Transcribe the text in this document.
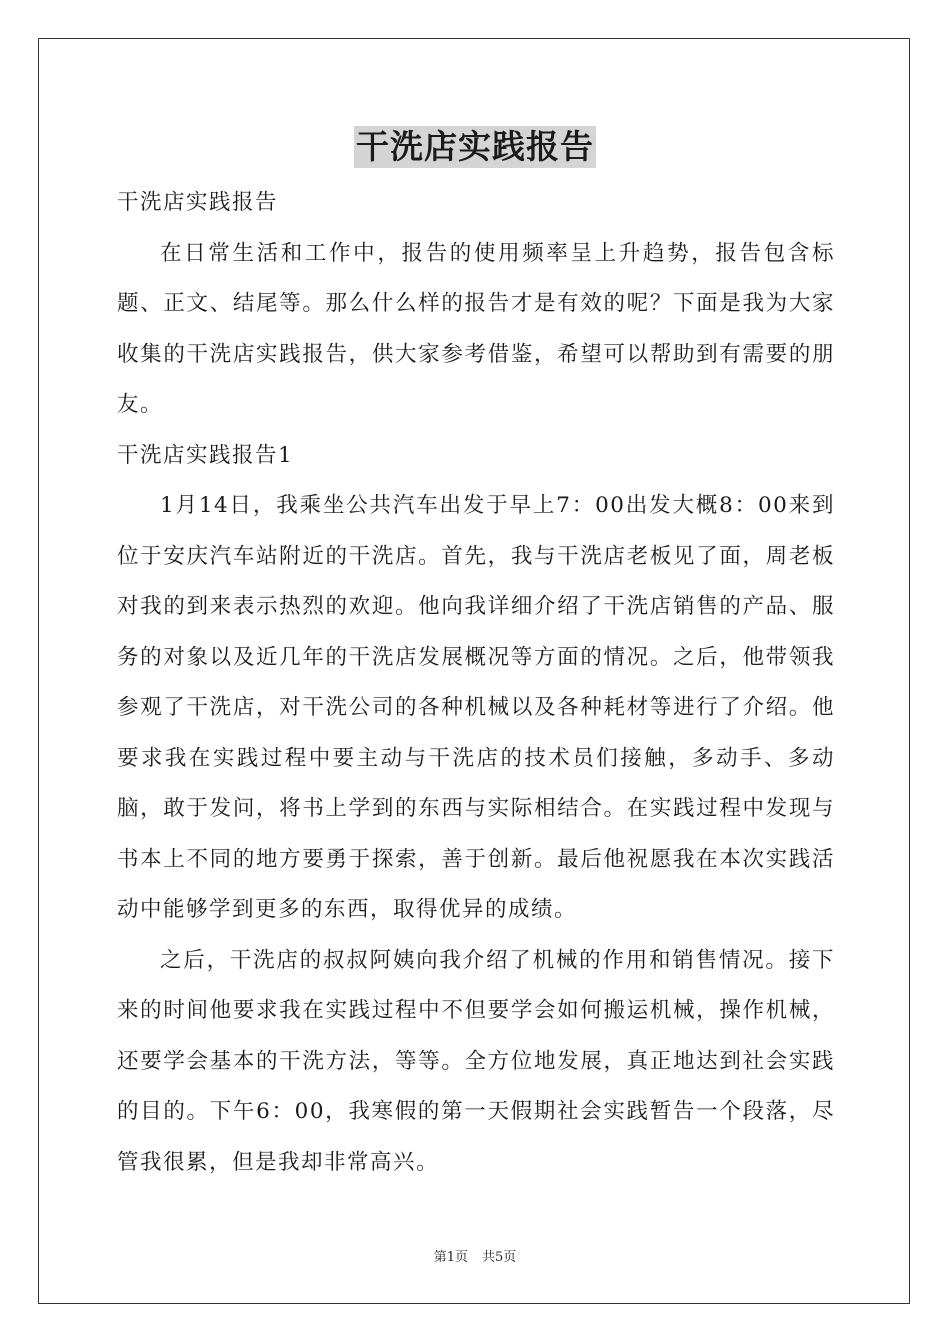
干洗店实践报告

干洗店实践报告

在日常生活和工作中，报告的使用频率呈上升趋势，报告包含标题、正文、结尾等。那么什么样的报告才是有效的呢？下面是我为大家收集的干洗店实践报告，供大家参考借鉴，希望可以帮助到有需要的朋友。

干洗店实践报告1

1月14日，我乘坐公共汽车出发于早上7：00出发大概8：00来到位于安庆汽车站附近的干洗店。首先，我与干洗店老板见了面，周老板对我的到来表示热烈的欢迎。他向我详细介绍了干洗店销售的产品、服务的对象以及近几年的干洗店发展概况等方面的情况。之后，他带领我参观了干洗店，对干洗公司的各种机械以及各种耗材等进行了介绍。他要求我在实践过程中要主动与干洗店的技术员们接触，多动手、多动脑，敢于发问，将书上学到的东西与实际相结合。在实践过程中发现与书本上不同的地方要勇于探索，善于创新。最后他祝愿我在本次实践活动中能够学到更多的东西，取得优异的成绩。

之后，干洗店的叔叔阿姨向我介绍了机械的作用和销售情况。接下来的时间他要求我在实践过程中不但要学会如何搬运机械，操作机械，还要学会基本的干洗方法，等等。全方位地发展，真正地达到社会实践的目的。下午6：00，我寒假的第一天假期社会实践暂告一个段落，尽管我很累，但是我却非常高兴。

第1页 共5页
